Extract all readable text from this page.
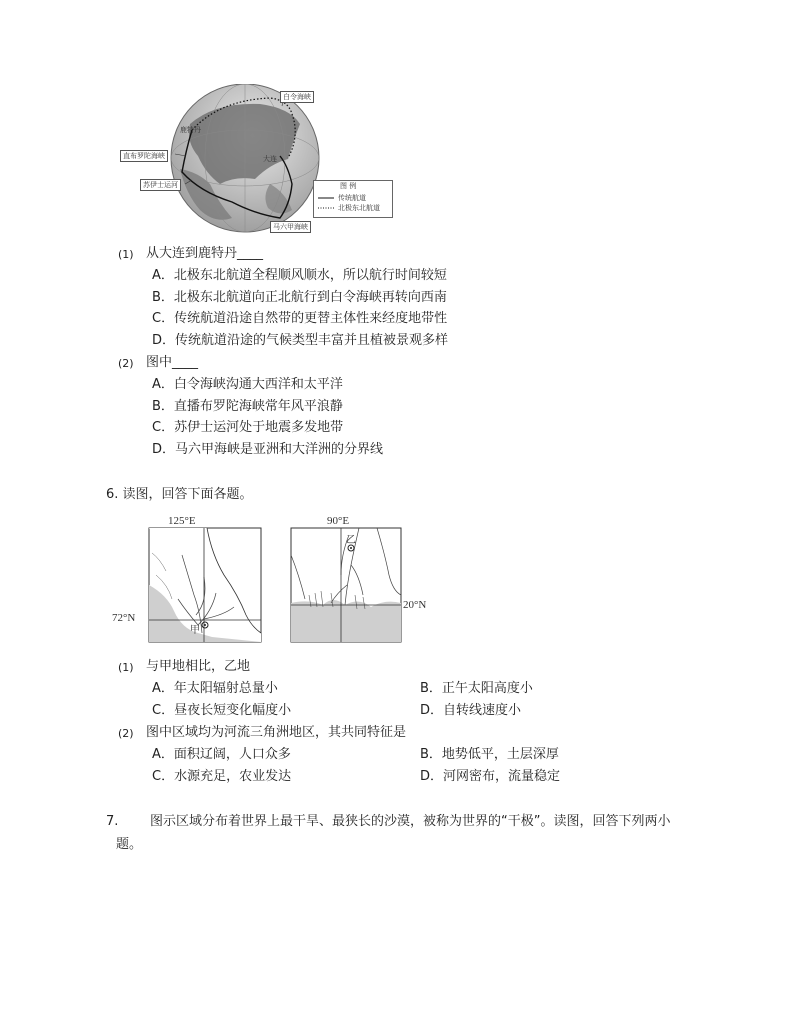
白令海峡
鹿特丹
直布罗陀海峡	大连
苏伊士运河
马六甲海峡
图 例
传统航道
北极东北航道
(1) 从大连到鹿特丹____
A．北极东北航道全程顺风顺水，所以航行时间较短
B．北极东北航道向正北航行到白令海峡再转向西南
C．传统航道沿途自然带的更替主体性来经度地带性
D．传统航道沿途的气候类型丰富并且植被景观多样
(2) 图中____
A．白令海峡沟通大西洋和太平洋
B．直播布罗陀海峡常年风平浪静
C．苏伊士运河处于地震多发地带
D．马六甲海峡是亚洲和大洋洲的分界线
6. 读图，回答下面各题。
125°E
72°N
甲
90°E
20°N
乙
(1) 与甲地相比，乙地
A．年太阳辐射总量小	B．正午太阳高度小
C．昼夜长短变化幅度小	D．自转线速度小
(2) 图中区域均为河流三角洲地区，其共同特征是
A．面积辽阔，人口众多	B．地势低平，土层深厚
C．水源充足，农业发达	D．河网密布，流量稳定
7. 图示区域分布着世界上最干旱、最狭长的沙漠，被称为世界的“干极”。读图，回答下列两小
题。
